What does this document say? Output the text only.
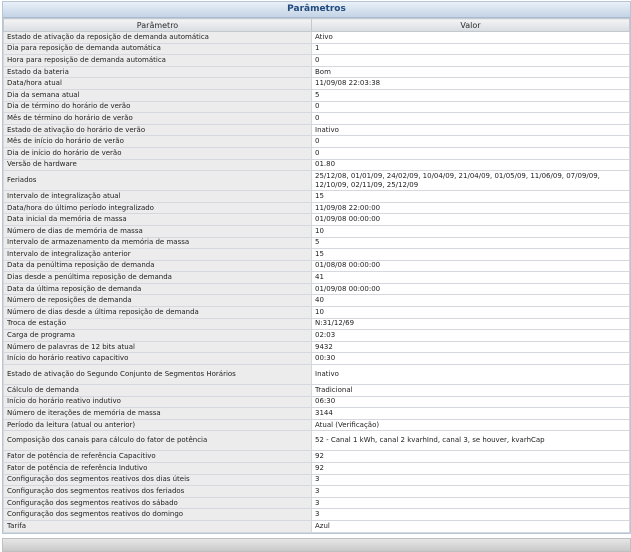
Parâmetros
Parâmetro	Valor
Estado de ativação da reposição de demanda automática	Ativo
Dia para reposição de demanda automática	1
Hora para reposição de demanda automática	0
Estado da bateria	Bom
Data/hora atual	11/09/08 22:03:38
Dia da semana atual	5
Dia de término do horário de verão	0
Mês de término do horário de verão	0
Estado de ativação do horário de verão	Inativo
Mês de início do horário de verão	0
Dia de início do horário de verão	0
Versão de hardware	01.80
Feriados	25/12/08, 01/01/09, 24/02/09, 10/04/09, 21/04/09, 01/05/09, 11/06/09, 07/09/09, 12/10/09, 02/11/09, 25/12/09
Intervalo de integralização atual	15
Data/hora do último período integralizado	11/09/08 22:00:00
Data inicial da memória de massa	01/09/08 00:00:00
Número de dias de memória de massa	10
Intervalo de armazenamento da memória de massa	5
Intervalo de integralização anterior	15
Data da penúltima reposição de demanda	01/08/08 00:00:00
Dias desde a penúltima reposição de demanda	41
Data da última reposição de demanda	01/09/08 00:00:00
Número de reposições de demanda	40
Número de dias desde a última reposição de demanda	10
Troca de estação	N:31/12/69
Carga de programa	02:03
Número de palavras de 12 bits atual	9432
Início do horário reativo capacitivo	00:30
Estado de ativação do Segundo Conjunto de Segmentos Horários	Inativo
Cálculo de demanda	Tradicional
Início do horário reativo indutivo	06:30
Número de iterações de memória de massa	3144
Período da leitura (atual ou anterior)	Atual (Verificação)
Composição dos canais para cálculo do fator de potência	52 - Canal 1 kWh, canal 2 kvarhInd, canal 3, se houver, kvarhCap
Fator de potência de referência Capacitivo	92
Fator de potência de referência Indutivo	92
Configuração dos segmentos reativos dos dias úteis	3
Configuração dos segmentos reativos dos feriados	3
Configuração dos segmentos reativos do sábado	3
Configuração dos segmentos reativos do domingo	3
Tarifa	Azul
